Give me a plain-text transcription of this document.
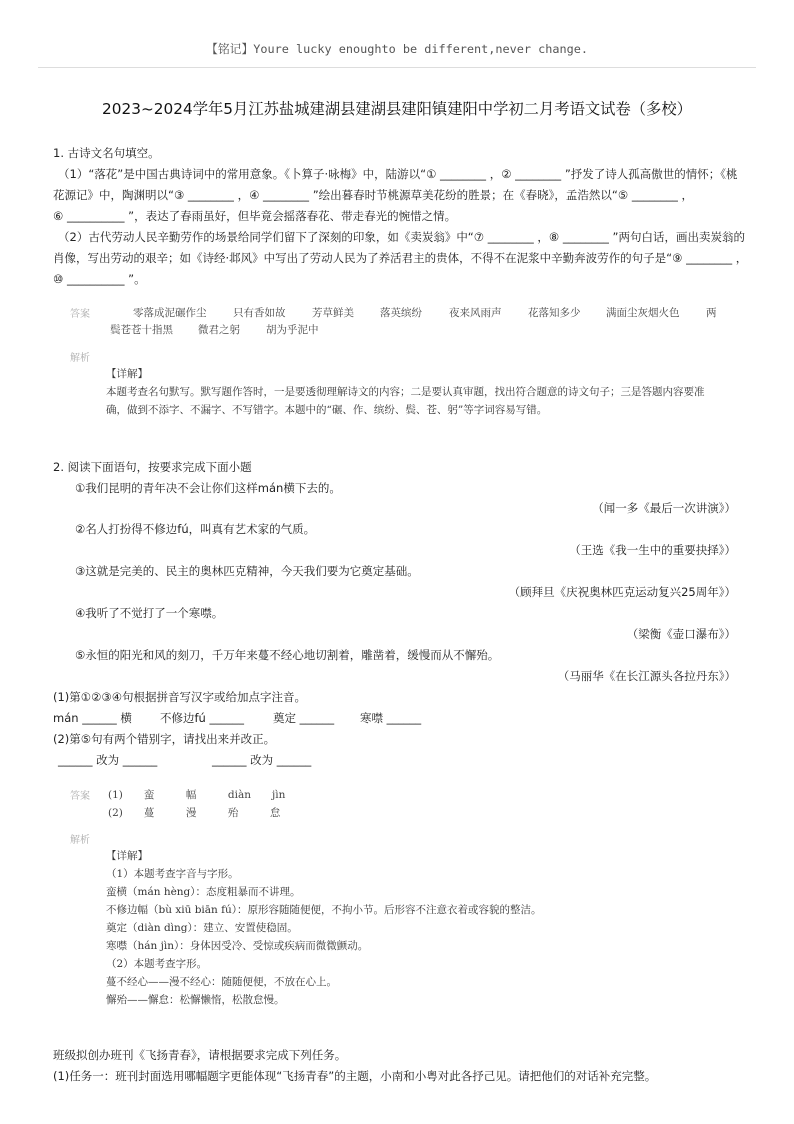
【铭记】Youre lucky enoughto be different,never change.
2023~2024学年5月江苏盐城建湖县建湖县建阳镇建阳中学初二月考语文试卷（多校）
1. 古诗文名句填空。
（1）“落花”是中国古典诗词中的常用意象。《卜算子·咏梅》中，陆游以“① ________ ，② ________ ”抒发了诗人孤高傲世的情怀；《桃
花源记》中，陶渊明以“③ ________ ，④ ________ ”绘出暮春时节桃源草美花纷的胜景；在《春晓》，孟浩然以“⑤ ________ ，
⑥ __________ ”，表达了春雨虽好，但毕竟会摇落春花、带走春光的惋惜之情。
（2）古代劳动人民辛勤劳作的场景给同学们留下了深刻的印象，如《卖炭翁》中“⑦ ________ ，⑧ ________ ”两句白话，画出卖炭翁的
肖像，写出劳动的艰辛；如《诗经·邶风》中写出了劳动人民为了养活君主的贵体，不得不在泥浆中辛勤奔波劳作的句子是“⑨ ________ ，
⑩ __________ ”。
答案	零落成泥碾作尘	只有香如故	芳草鲜美 落英缤纷	夜来风雨声	花落知多少 满面尘灰烟火色	两
鬓苍苍十指黑 微君之躬 胡为乎泥中
解析
【详解】
本题考查名句默写。默写题作答时，一是要透彻理解诗文的内容；二是要认真审题，找出符合题意的诗文句子；三是答题内容要准
确，做到不添字、不漏字、不写错字。本题中的“碾、作、缤纷、鬓、苍、躬”等字词容易写错。
2. 阅读下面语句，按要求完成下面小题
①我们昆明的青年决不会让你们这样mán横下去的。
（闻一多《最后一次讲演》）
②名人打扮得不修边fú，叫真有艺术家的气质。
（王选《我一生中的重要抉择》）
③这就是完美的、民主的奥林匹克精神，今天我们要为它奠定基础。
（顾拜旦《庆祝奥林匹克运动复兴25周年》）
④我听了不觉打了一个寒噤。
（梁衡《壶口瀑布》）
⑤永恒的阳光和风的刻刀，千万年来蔓不经心地切割着，雕凿着，缓慢而从不懈殆。
（马丽华《在长江源头各拉丹东》）
(1)第①②③④句根据拼音写汉字或给加点字注音。
mán ______ 横 不修边fú ______	奠定 ______ 寒噤 ______
(2)第⑤句有两个错别字，请找出来并改正。
______ 改为 ______	______ 改为 ______
答案 (1)　　蛮　　　幅　　　diàn　　jìn
(2)　　蔓　　　漫　　　殆　　　怠
解析
【详解】
（1）本题考查字音与字形。
蛮横（mán hèng）：态度粗暴而不讲理。
不修边幅（bù xiū biān fú）：原形容随随便便，不拘小节。后形容不注意衣着或容貌的整洁。
奠定（diàn dìng）：建立、安置使稳固。
寒噤（hán jìn）：身体因受冷、受惊或疾病而微微颤动。
（2）本题考查字形。
蔓不经心——漫不经心：随随便便，不放在心上。
懈殆——懈怠：松懈懒惰，松散怠慢。
班级拟创办班刊《飞扬青春》，请根据要求完成下列任务。
(1)任务一：班刊封面选用哪幅题字更能体现“飞扬青春”的主题，小南和小粤对此各抒己见。请把他们的对话补充完整。
